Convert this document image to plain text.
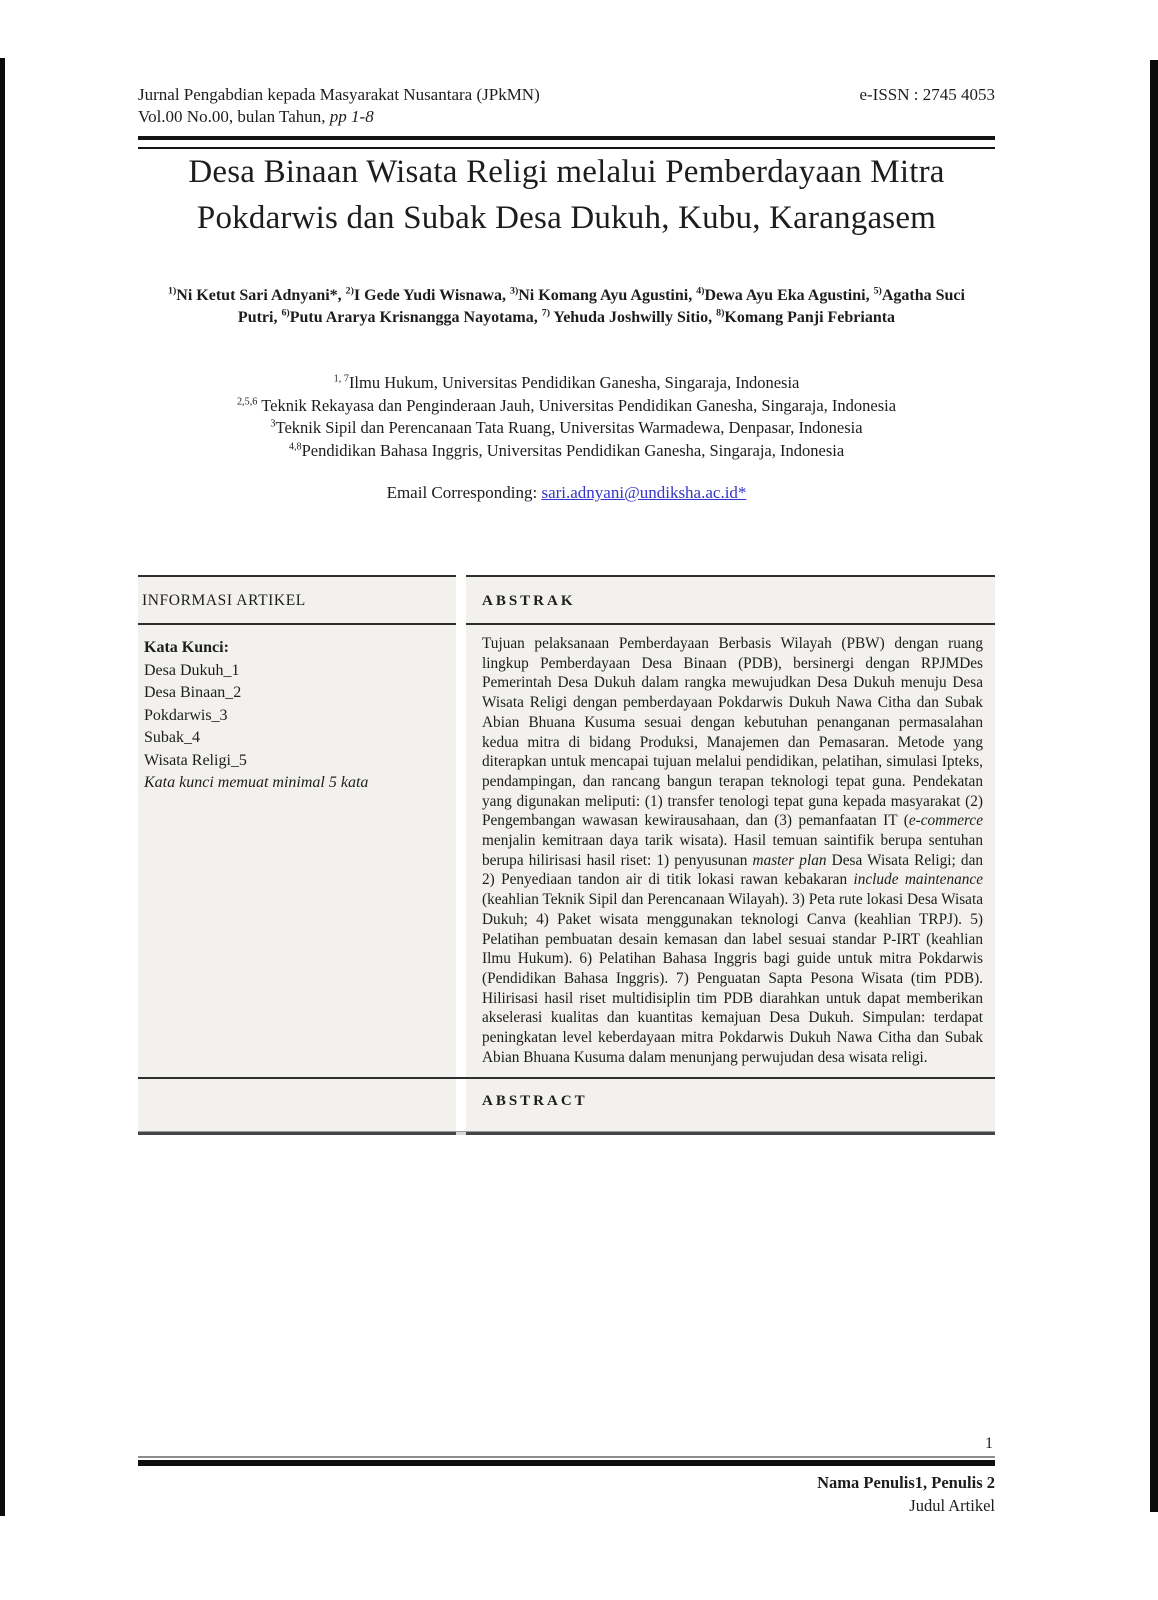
Jurnal Pengabdian kepada Masyarakat Nusantara (JPkMN)
Vol.00 No.00, bulan Tahun, pp 1-8
e-ISSN : 2745 4053
Desa Binaan Wisata Religi melalui Pemberdayaan Mitra Pokdarwis dan Subak Desa Dukuh, Kubu, Karangasem

$^{1)}$Ni Ketut Sari Adnyani*, $^{2)}$I Gede Yudi Wisnawa, $^{3)}$Ni Komang Ayu Agustini, $^{4)}$Dewa Ayu Eka Agustini, $^{5)}$Agatha Suci Putri, $^{6)}$Putu Ararya Krisnangga Nayotama, $^{7)}$ Yehuda Joshwilly Sitio, $^{8)}$Komang Panji Febrianta

$^{1, 7}$Ilmu Hukum, Universitas Pendidikan Ganesha, Singaraja, Indonesia

$^{2,5,6}$ Teknik Rekayasa dan Penginderaan Jauh, Universitas Pendidikan Ganesha, Singaraja, Indonesia

$^3$Teknik Sipil dan Perencanaan Tata Ruang, Universitas Warmadewa, Denpasar, Indonesia

$^{4,8}$Pendidikan Bahasa Inggris, Universitas Pendidikan Ganesha, Singaraja, Indonesia

Email Corresponding: sari.adnyani@undiksha.ac.id*

INFORMASI ARTIKEL	ABSTRAK
Kata Kunci:
Desa Dukuh_1
Desa Binaan_2
Pokdarwis_3
Subak_4
Wisata Religi_5
Kata kunci memuat minimal 5 kata

Tujuan pelaksanaan Pemberdayaan Berbasis Wilayah (PBW) dengan ruang lingkup Pemberdayaan Desa Binaan (PDB), bersinergi dengan RPJMDes Pemerintah Desa Dukuh dalam rangka mewujudkan Desa Dukuh menuju Desa Wisata Religi dengan pemberdayaan Pokdarwis Dukuh Nawa Citha dan Subak Abian Bhuana Kusuma sesuai dengan kebutuhan penanganan permasalahan kedua mitra di bidang Produksi, Manajemen dan Pemasaran. Metode yang diterapkan untuk mencapai tujuan melalui pendidikan, pelatihan, simulasi Ipteks, pendampingan, dan rancang bangun terapan teknologi tepat guna. Pendekatan yang digunakan meliputi: (1) transfer tenologi tepat guna kepada masyarakat (2) Pengembangan wawasan kewirausahaan, dan (3) pemanfaatan IT (e-commerce menjalin kemitraan daya tarik wisata). Hasil temuan saintifik berupa sentuhan berupa hilirisasi hasil riset: 1) penyusunan master plan Desa Wisata Religi; dan 2) Penyediaan tandon air di titik lokasi rawan kebakaran include maintenance (keahlian Teknik Sipil dan Perencanaan Wilayah). 3) Peta rute lokasi Desa Wisata Dukuh; 4) Paket wisata menggunakan teknologi Canva (keahlian TRPJ). 5) Pelatihan pembuatan desain kemasan dan label sesuai standar P-IRT (keahlian Ilmu Hukum). 6) Pelatihan Bahasa Inggris bagi guide untuk mitra Pokdarwis (Pendidikan Bahasa Inggris). 7) Penguatan Sapta Pesona Wisata (tim PDB). Hilirisasi hasil riset multidisiplin tim PDB diarahkan untuk dapat memberikan akselerasi kualitas dan kuantitas kemajuan Desa Dukuh. Simpulan: terdapat peningkatan level keberdayaan mitra Pokdarwis Dukuh Nawa Citha dan Subak Abian Bhuana Kusuma dalam menunjang perwujudan desa wisata religi.

ABSTRACT
1
Nama Penulis1, Penulis 2
Judul Artikel
